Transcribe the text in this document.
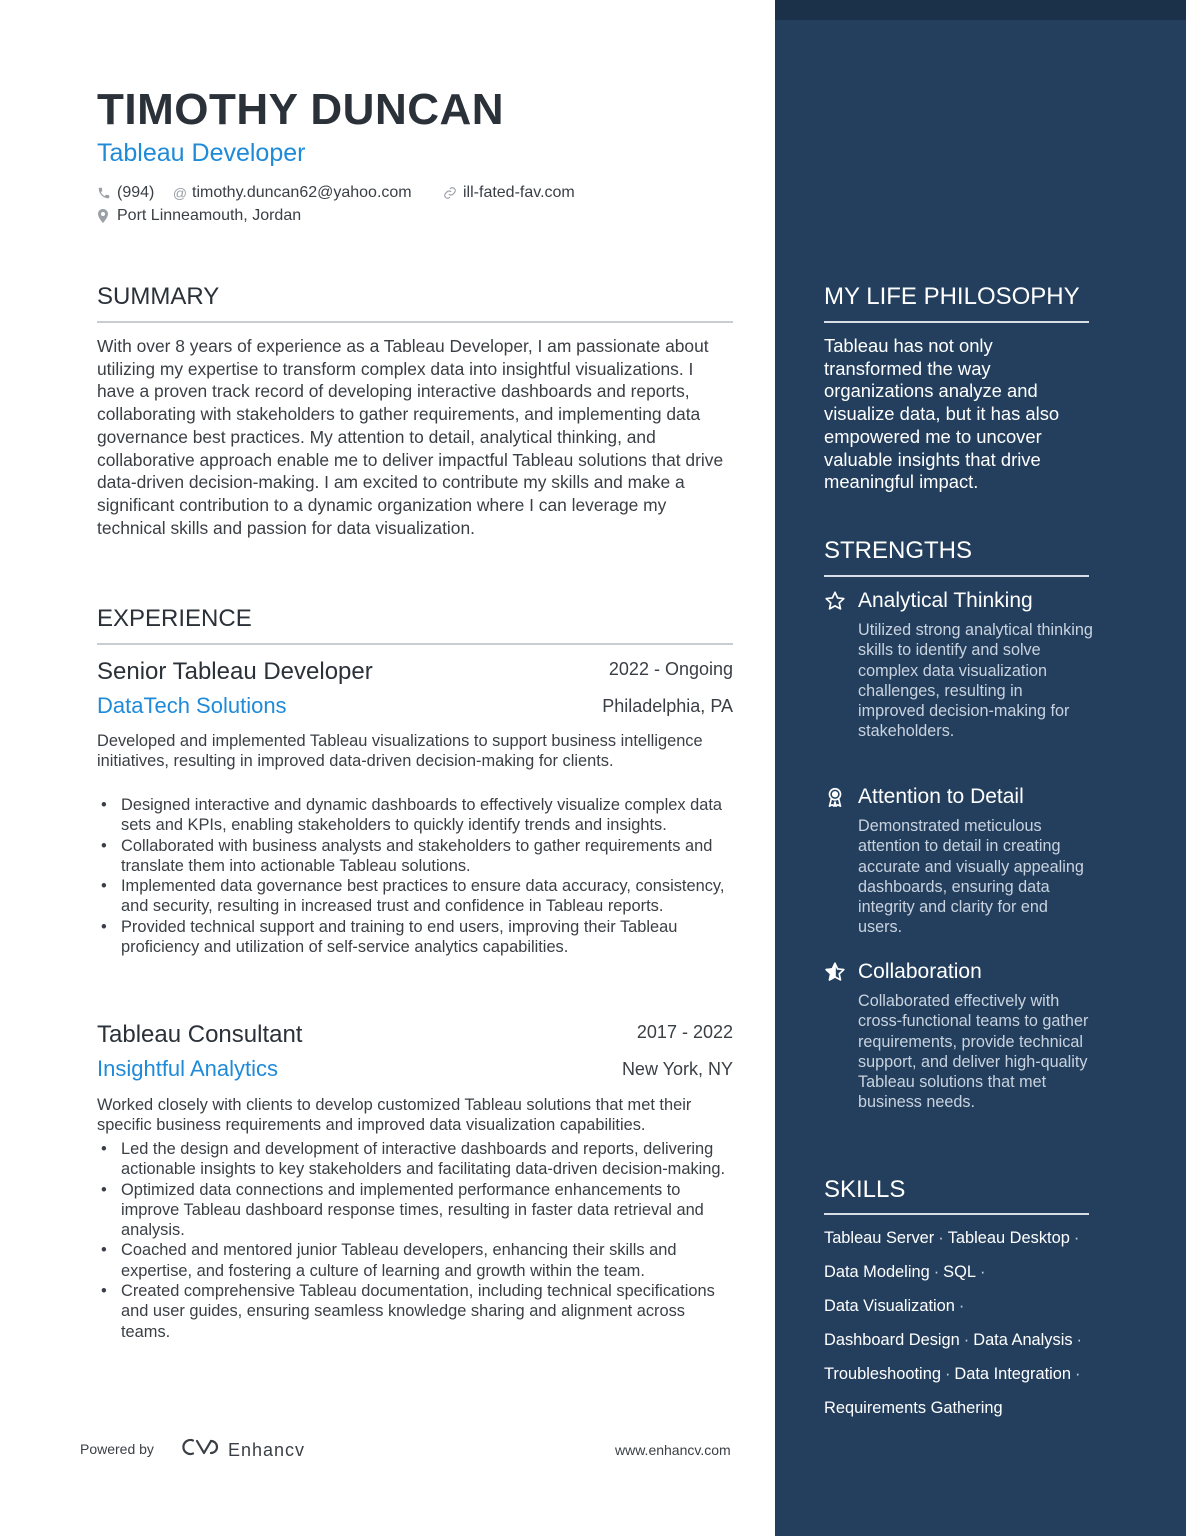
TIMOTHY DUNCAN
Tableau Developer
(994) @ timothy.duncan62@yahoo.com	ill-fated-fav.com
Port Linneamouth, Jordan
SUMMARY
With over 8 years of experience as a Tableau Developer, I am passionate about utilizing my expertise to transform complex data into insightful visualizations. I have a proven track record of developing interactive dashboards and reports, collaborating with stakeholders to gather requirements, and implementing data governance best practices. My attention to detail, analytical thinking, and collaborative approach enable me to deliver impactful Tableau solutions that drive data-driven decision-making. I am excited to contribute my skills and make a significant contribution to a dynamic organization where I can leverage my technical skills and passion for data visualization.
EXPERIENCE
Senior Tableau Developer	2022 - Ongoing
DataTech Solutions	Philadelphia, PA
Developed and implemented Tableau visualizations to support business intelligence initiatives, resulting in improved data-driven decision-making for clients.
• Designed interactive and dynamic dashboards to effectively visualize complex data sets and KPIs, enabling stakeholders to quickly identify trends and insights.
• Collaborated with business analysts and stakeholders to gather requirements and translate them into actionable Tableau solutions.
• Implemented data governance best practices to ensure data accuracy, consistency, and security, resulting in increased trust and confidence in Tableau reports.
• Provided technical support and training to end users, improving their Tableau proficiency and utilization of self-service analytics capabilities.
Tableau Consultant	2017 - 2022
Insightful Analytics	New York, NY
Worked closely with clients to develop customized Tableau solutions that met their specific business requirements and improved data visualization capabilities.
• Led the design and development of interactive dashboards and reports, delivering actionable insights to key stakeholders and facilitating data-driven decision-making.
• Optimized data connections and implemented performance enhancements to improve Tableau dashboard response times, resulting in faster data retrieval and analysis.
• Coached and mentored junior Tableau developers, enhancing their skills and expertise, and fostering a culture of learning and growth within the team.
• Created comprehensive Tableau documentation, including technical specifications and user guides, ensuring seamless knowledge sharing and alignment across teams.
MY LIFE PHILOSOPHY
Tableau has not only transformed the way organizations analyze and visualize data, but it has also empowered me to uncover valuable insights that drive meaningful impact.
STRENGTHS
Analytical Thinking
Utilized strong analytical thinking skills to identify and solve complex data visualization challenges, resulting in improved decision-making for stakeholders.
Attention to Detail
Demonstrated meticulous attention to detail in creating accurate and visually appealing dashboards, ensuring data integrity and clarity for end users.
Collaboration
Collaborated effectively with cross-functional teams to gather requirements, provide technical support, and deliver high-quality Tableau solutions that met business needs.
SKILLS
Tableau Server · Tableau Desktop ·
Data Modeling · SQL ·
Data Visualization ·
Dashboard Design · Data Analysis ·
Troubleshooting · Data Integration ·
Requirements Gathering
Powered by	Enhancv	www.enhancv.com
